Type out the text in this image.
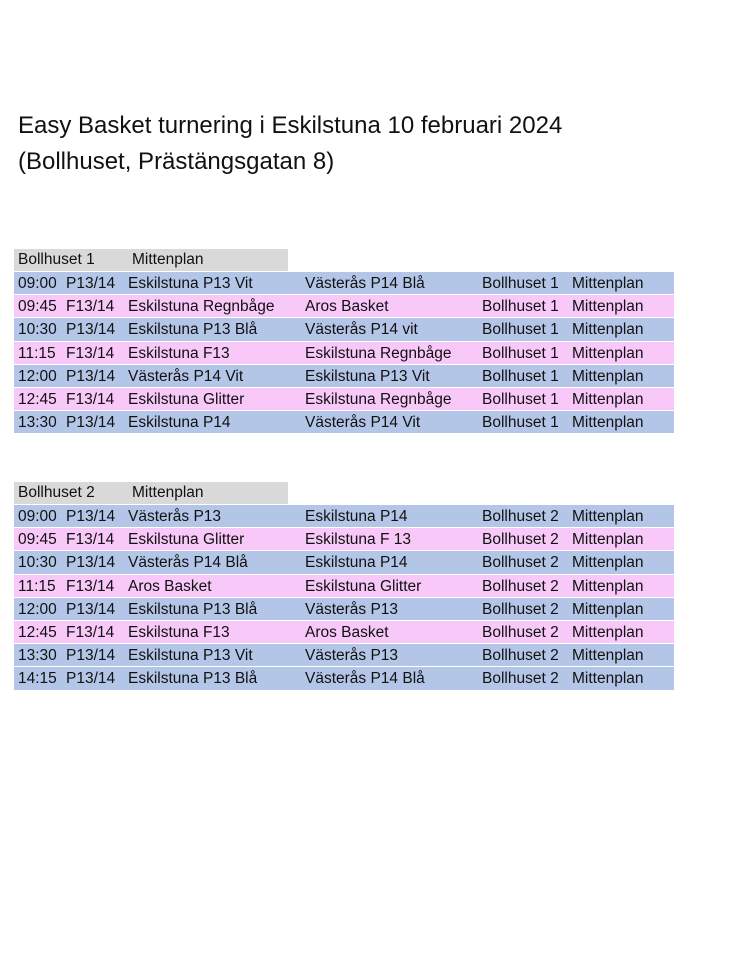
Easy Basket turnering i Eskilstuna 10 februari 2024
(Bollhuset, Prästängsgatan 8)
Bollhuset 1	Mittenplan
09:00 P13/14 Eskilstuna P13 Vit	Västerås P14 Blå	Bollhuset 1 Mittenplan
09:45 F13/14 Eskilstuna Regnbåge	Aros Basket	Bollhuset 1 Mittenplan
10:30 P13/14 Eskilstuna P13 Blå	Västerås P14 vit	Bollhuset 1 Mittenplan
11:15 F13/14 Eskilstuna F13	Eskilstuna Regnbåge	Bollhuset 1 Mittenplan
12:00 P13/14 Västerås P14 Vit	Eskilstuna P13 Vit	Bollhuset 1 Mittenplan
12:45 F13/14 Eskilstuna Glitter	Eskilstuna Regnbåge	Bollhuset 1 Mittenplan
13:30 P13/14 Eskilstuna P14	Västerås P14 Vit	Bollhuset 1 Mittenplan
Bollhuset 2	Mittenplan
09:00 P13/14 Västerås P13	Eskilstuna P14	Bollhuset 2 Mittenplan
09:45 F13/14 Eskilstuna Glitter	Eskilstuna F 13	Bollhuset 2 Mittenplan
10:30 P13/14 Västerås P14 Blå	Eskilstuna P14	Bollhuset 2 Mittenplan
11:15 F13/14 Aros Basket	Eskilstuna Glitter	Bollhuset 2 Mittenplan
12:00 P13/14 Eskilstuna P13 Blå	Västerås P13	Bollhuset 2 Mittenplan
12:45 F13/14 Eskilstuna F13	Aros Basket	Bollhuset 2 Mittenplan
13:30 P13/14 Eskilstuna P13 Vit	Västerås P13	Bollhuset 2 Mittenplan
14:15 P13/14 Eskilstuna P13 Blå	Västerås P14 Blå	Bollhuset 2 Mittenplan
